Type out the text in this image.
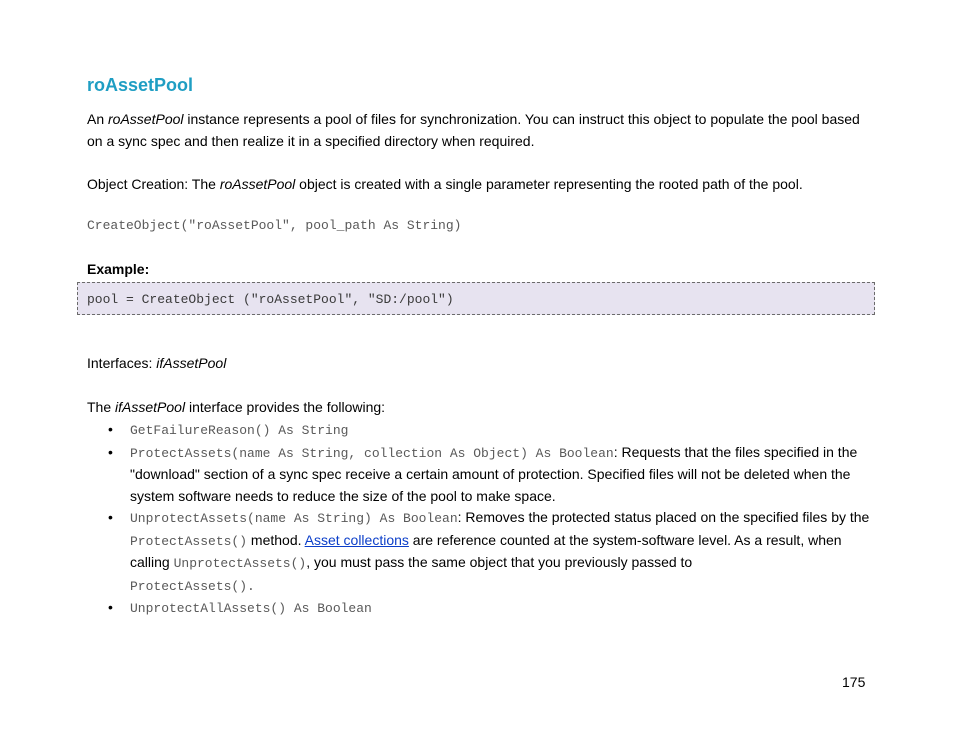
roAssetPool
An roAssetPool instance represents a pool of files for synchronization. You can instruct this object to populate the pool based on a sync spec and then realize it in a specified directory when required.
Object Creation: The roAssetPool object is created with a single parameter representing the rooted path of the pool.
CreateObject("roAssetPool", pool_path As String)
Example:
pool = CreateObject ("roAssetPool", "SD:/pool")
Interfaces: ifAssetPool
The ifAssetPool interface provides the following:
• GetFailureReason() As String
• ProtectAssets(name As String, collection As Object) As Boolean: Requests that the files specified in the "download" section of a sync spec receive a certain amount of protection. Specified files will not be deleted when the system software needs to reduce the size of the pool to make space.
• UnprotectAssets(name As String) As Boolean: Removes the protected status placed on the specified files by the ProtectAssets() method. Asset collections are reference counted at the system-software level. As a result, when calling UnprotectAssets(), you must pass the same object that you previously passed to
ProtectAssets().
• UnprotectAllAssets() As Boolean
175
